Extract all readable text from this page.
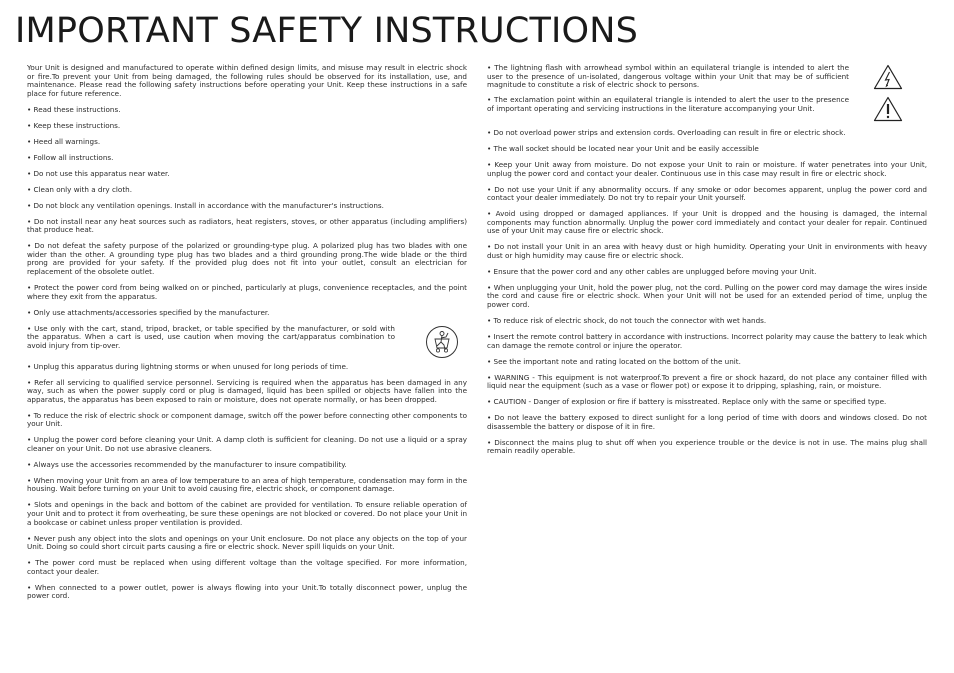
IMPORTANT SAFETY INSTRUCTIONS

Your Unit is designed and manufactured to operate within defined design limits, and misuse may result in electric shock or fire.To prevent your Unit from being damaged, the following rules should be observed for its installation, use, and maintenance. Please read the following safety instructions before operating your Unit. Keep these instructions in a safe place for future reference.

• Read these instructions.

• Keep these instructions.

• Heed all warnings.

• Follow all instructions.

• Do not use this apparatus near water.

• Clean only with a dry cloth.

• Do not block any ventilation openings. Install in accordance with the manufacturer's instructions.

• Do not install near any heat sources such as radiators, heat registers, stoves, or other apparatus (including amplifiers) that produce heat.

• Do not defeat the safety purpose of the polarized or grounding-type plug. A polarized plug has two blades with one wider than the other. A grounding type plug has two blades and a third grounding prong.The wide blade or the third prong are provided for your safety. If the provided plug does not fit into your outlet, consult an electrician for replacement of the obsolete outlet.

• Protect the power cord from being walked on or pinched, particularly at plugs, convenience receptacles, and the point where they exit from the apparatus.

• Only use attachments/accessories specified by the manufacturer.

• Use only with the cart, stand, tripod, bracket, or table specified by the manufacturer, or sold with the apparatus. When a cart is used, use caution when moving the cart/apparatus combination to avoid injury from tip-over.

• Unplug this apparatus during lightning storms or when unused for long periods of time.

• Refer all servicing to qualified service personnel. Servicing is required when the apparatus has been damaged in any way, such as when the power supply cord or plug is damaged, liquid has been spilled or objects have fallen into the apparatus, the apparatus has been exposed to rain or moisture, does not operate normally, or has been dropped.

• To reduce the risk of electric shock or component damage, switch off the power before connecting other components to your Unit.

• Unplug the power cord before cleaning your Unit. A damp cloth is sufficient for cleaning. Do not use a liquid or a spray cleaner on your Unit. Do not use abrasive cleaners.

• Always use the accessories recommended by the manufacturer to insure compatibility.

• When moving your Unit from an area of low temperature to an area of high temperature, condensation may form in the housing. Wait before turning on your Unit to avoid causing fire, electric shock, or component damage.

• Slots and openings in the back and bottom of the cabinet are provided for ventilation. To ensure reliable operation of your Unit and to protect it from overheating, be sure these openings are not blocked or covered. Do not place your Unit in a bookcase or cabinet unless proper ventilation is provided.

• Never push any object into the slots and openings on your Unit enclosure. Do not place any objects on the top of your Unit. Doing so could short circuit parts causing a fire or electric shock. Never spill liquids on your Unit.

• The power cord must be replaced when using different voltage than the voltage specified. For more information, contact your dealer.

• When connected to a power outlet, power is always flowing into your Unit.To totally disconnect power, unplug the power cord.

• The lightning flash with arrowhead symbol within an equilateral triangle is intended to alert the user to the presence of un-isolated, dangerous voltage within your Unit that may be of sufficient magnitude to constitute a risk of electric shock to persons.

• The exclamation point within an equilateral triangle is intended to alert the user to the presence of important operating and servicing instructions in the literature accompanying your Unit.

• Do not overload power strips and extension cords. Overloading can result in fire or electric shock.

• The wall socket should be located near your Unit and be easily accessible

• Keep your Unit away from moisture. Do not expose your Unit to rain or moisture. If water penetrates into your Unit, unplug the power cord and contact your dealer. Continuous use in this case may result in fire or electric shock.

• Do not use your Unit if any abnormality occurs. If any smoke or odor becomes apparent, unplug the power cord and contact your dealer immediately. Do not try to repair your Unit yourself.

• Avoid using dropped or damaged appliances. If your Unit is dropped and the housing is damaged, the internal components may function abnormally. Unplug the power cord immediately and contact your dealer for repair. Continued use of your Unit may cause fire or electric shock.

• Do not install your Unit in an area with heavy dust or high humidity. Operating your Unit in environments with heavy dust or high humidity may cause fire or electric shock.

• Ensure that the power cord and any other cables are unplugged before moving your Unit.

• When unplugging your Unit, hold the power plug, not the cord. Pulling on the power cord may damage the wires inside the cord and cause fire or electric shock. When your Unit will not be used for an extended period of time, unplug the power cord.

• To reduce risk of electric shock, do not touch the connector with wet hands.

• Insert the remote control battery in accordance with instructions. Incorrect polarity may cause the battery to leak which can damage the remote control or injure the operator.

• See the important note and rating located on the bottom of the unit.

• WARNING - This equipment is not waterproof.To prevent a fire or shock hazard, do not place any container filled with liquid near the equipment (such as a vase or flower pot) or expose it to dripping, splashing, rain, or moisture.

• CAUTION - Danger of explosion or fire if battery is misstreated. Replace only with the same or specified type.

• Do not leave the battery exposed to direct sunlight for a long period of time with doors and windows closed. Do not disassemble the battery or dispose of it in fire.

• Disconnect the mains plug to shut off when you experience trouble or the device is not in use. The mains plug shall remain readily operable.
